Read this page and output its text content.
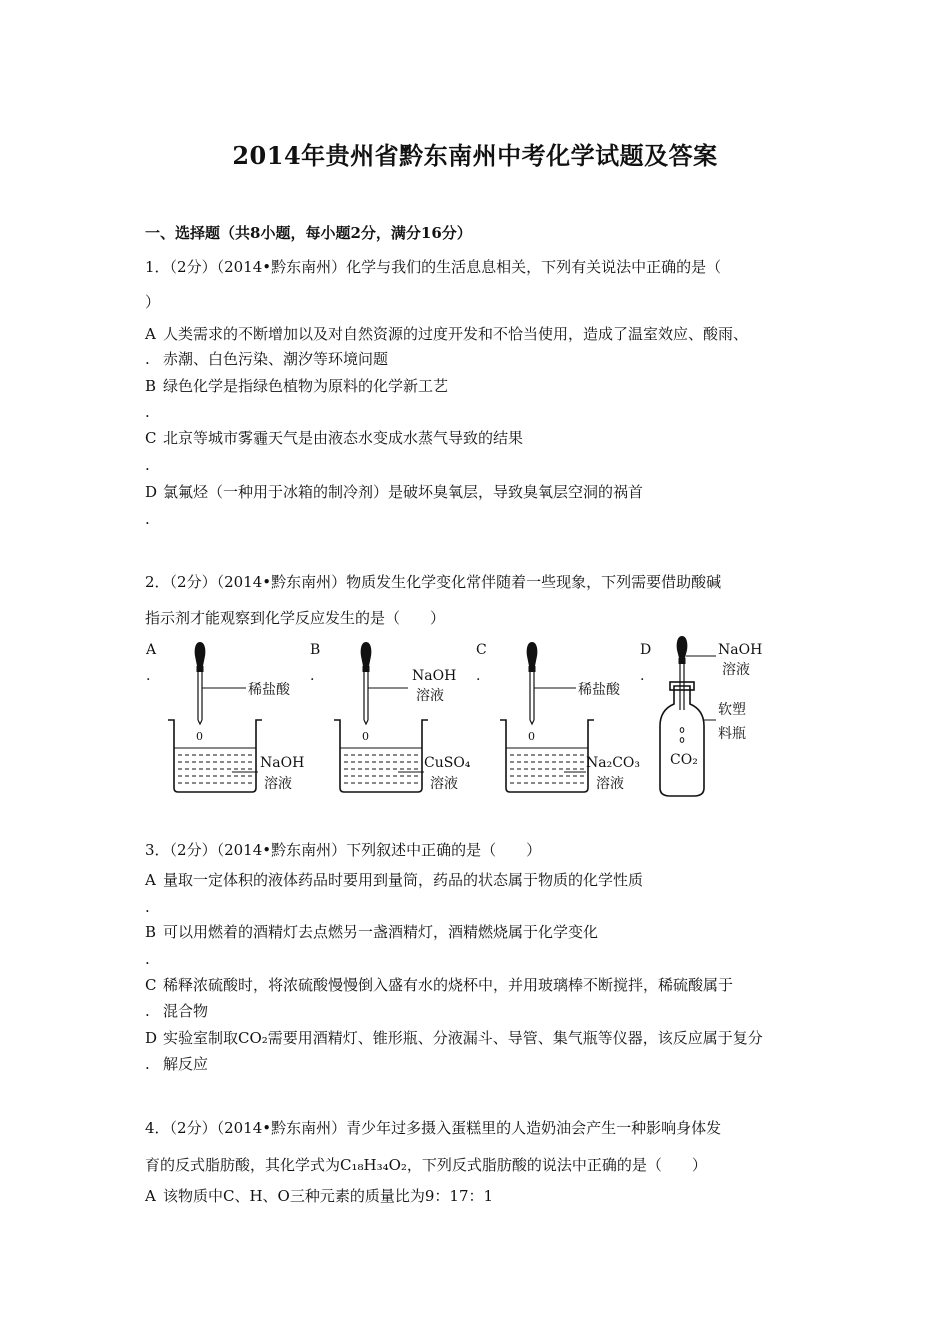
2014年贵州省黔东南州中考化学试题及答案
一、选择题（共8小题，每小题2分，满分16分）
1．（2分）（2014•黔东南州）化学与我们的生活息息相关，下列有关说法中正确的是（
）
A 人类需求的不断增加以及对自然资源的过度开发和不恰当使用，造成了温室效应、酸雨、
. 赤潮、白色污染、潮汐等环境问题
B 绿色化学是指绿色植物为原料的化学新工艺
.
C 北京等城市雾霾天气是由液态水变成水蒸气导致的结果
.
D 氯氟烃（一种用于冰箱的制冷剂）是破坏臭氧层，导致臭氧层空洞的祸首
.
2．（2分）（2014•黔东南州）物质发生化学变化常伴随着一些现象，下列需要借助酸碱
指示剂才能观察到化学反应发生的是（　　）
A
.
稀盐酸
0
NaOH
溶液
B
.	NaOH
溶液
0
CuSO₄
溶液
C
.
稀盐酸
0
Na₂CO₃
溶液
D
.
NaOH
溶液
软塑
料瓶
CO₂
3．（2分）（2014•黔东南州）下列叙述中正确的是（　　）
A 量取一定体积的液体药品时要用到量筒，药品的状态属于物质的化学性质
.
B 可以用燃着的酒精灯去点燃另一盏酒精灯，酒精燃烧属于化学变化
.
C 稀释浓硫酸时，将浓硫酸慢慢倒入盛有水的烧杯中，并用玻璃棒不断搅拌，稀硫酸属于
. 混合物
D 实验室制取CO₂需要用酒精灯、锥形瓶、分液漏斗、导管、集气瓶等仪器，该反应属于复分
. 解反应
4．（2分）（2014•黔东南州）青少年过多摄入蛋糕里的人造奶油会产生一种影响身体发
育的反式脂肪酸，其化学式为C₁₈H₃₄O₂，下列反式脂肪酸的说法中正确的是（　　）
A 该物质中C、H、O三种元素的质量比为9：17：1
